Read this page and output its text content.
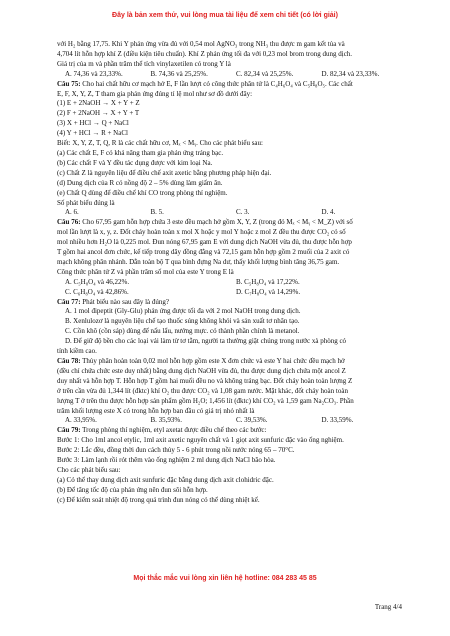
Đây là bản xem thử, vui lòng mua tài liệu để xem chi tiết (có lời giải)

với H₂ bằng 17,75. Khi Y phản ứng vừa đủ với 0,54 mol AgNO₃ trong NH₃ thu được m gam kết tủa và

4,704 lít hỗn hợp khí Z (điều kiện tiêu chuẩn). Khí Z phản ứng tối đa với 0,23 mol brom trong dung dịch.

Giá trị của m và phần trăm thể tích vinylaxetilen có trong Y là

A. 74,36 và 23,33%.	B. 74,36 và 25,25%.	C. 82,34 và 25,25%.	D. 82,34 và 23,33%.

Câu 75: Cho hai chất hữu cơ mạch hở E, F lần lượt có công thức phân tử là C₄H₆O₄ và C₅H₈O₅. Các chất

E, F, X, Y, Z, T tham gia phản ứng đúng tỉ lệ mol như sơ đồ dưới đây:

(1) E + 2NaOH → X + Y + Z

(2) F + 2NaOH → X + Y + T

(3) X + HCl → Q + NaCl

(4) Y + HCl → R + NaCl

Biết: X, Y, Z, T, Q, R là các chất hữu cơ, Mₓ < Mᵧ. Cho các phát biểu sau:

(a) Các chất E, F có khả năng tham gia phản ứng tráng bạc.

(b) Các chất F và Y đều tác dụng được với kim loại Na.

(c) Chất Z là nguyên liệu để điều chế axit axetic bằng phương pháp hiện đại.

(d) Dung dịch của R có nồng độ 2 – 5% dùng làm giấm ăn.

(e) Chất Q dùng để điều chế khí CO trong phòng thí nghiệm.

Số phát biểu đúng là

A. 6.	B. 5.	C. 3.	D. 4.

Câu 76: Cho 67,95 gam hỗn hợp chứa 3 este đều mạch hở gồm X, Y, Z (trong đó Mₓ < Mᵧ < M_Z) với số

mol lần lượt là x, y, z. Đốt cháy hoàn toàn x mol X hoặc y mol Y hoặc z mol Z đều thu được CO₂ có số

mol nhiều hơn H₂O là 0,225 mol. Đun nóng 67,95 gam E với dung dịch NaOH vừa đủ, thu được hỗn hợp

T gồm hai ancol đơn chức, kế tiếp trong dãy đồng đẳng và 72,15 gam hỗn hợp gồm 2 muối của 2 axit có

mạch không phân nhánh. Dẫn toàn bộ T qua bình đựng Na dư, thấy khối lượng bình tăng 36,75 gam.

Công thức phân tử Z và phần trăm số mol của este Y trong E là

A. C₅H₈O₄ và 46,22%.	B. C₅H₈O₄ và 17,22%.
C. C₆H₈O₄ và 42,86%.	D. C₇H₈O₄ và 14,29%.

Câu 77: Phát biểu nào sau đây là đúng?

A. 1 mol đipeptit (Gly-Glu) phản ứng được tối đa với 2 mol NaOH trong dung dịch.

B. Xenlulozơ là nguyên liệu chế tạo thuốc súng không khói và sản xuất tơ nhân tạo.

C. Cồn khô (cồn sáp) dùng để nấu lẩu, nướng mực. có thành phần chính là metanol.

D. Để giữ độ bền cho các loại vải làm từ tơ tằm, người ta thường giặt chúng trong nước xà phòng có

tính kiềm cao.

Câu 78: Thủy phân hoàn toàn 0,02 mol hỗn hợp gồm este X đơn chức và este Y hai chức đều mạch hở

(đều chỉ chứa chức este duy nhất) bằng dung dịch NaOH vừa đủ, thu được dung dịch chứa một ancol Z

duy nhất và hỗn hợp T. Hỗn hợp T gồm hai muối đều no và không tráng bạc. Đốt cháy hoàn toàn lượng Z

ở trên cần vừa đủ 1,344 lít (đktc) khí O₂ thu được CO₂ và 1,08 gam nước. Mặt khác, đốt cháy hoàn toàn

lượng T ở trên thu được hỗn hợp sản phẩm gồm H₂O; 1,456 lít (đktc) khí CO₂ và 1,59 gam Na₂CO₃. Phần

trăm khối lượng este X có trong hỗn hợp ban đầu có giá trị nhỏ nhất là

A. 33,95%.	B. 35,93%.	C. 39,53%.	D. 33,59%.

Câu 79: Trong phòng thí nghiệm, etyl axetat được điều chế theo các bước:

Bước 1: Cho 1ml ancol etylic, 1ml axit axetic nguyên chất và 1 giọt axit sunfuric đặc vào ống nghiệm.

Bước 2: Lắc đều, đồng thời đun cách thủy 5 - 6 phút trong nồi nước nóng 65 – 70°C.

Bước 3: Làm lạnh rồi rót thêm vào ống nghiệm 2 ml dung dịch NaCl bão hòa.

Cho các phát biểu sau:

(a) Có thể thay dung dịch axit sunfuric đặc bằng dung dịch axit clohidric đặc.

(b) Để tăng tốc độ của phản ứng nên đun sôi hỗn hợp.

(c) Để kiểm soát nhiệt độ trong quá trình đun nóng có thể dùng nhiệt kế.

Mọi thắc mắc vui lòng xin liên hệ hotline: 084 283 45 85
Trang 4/4
